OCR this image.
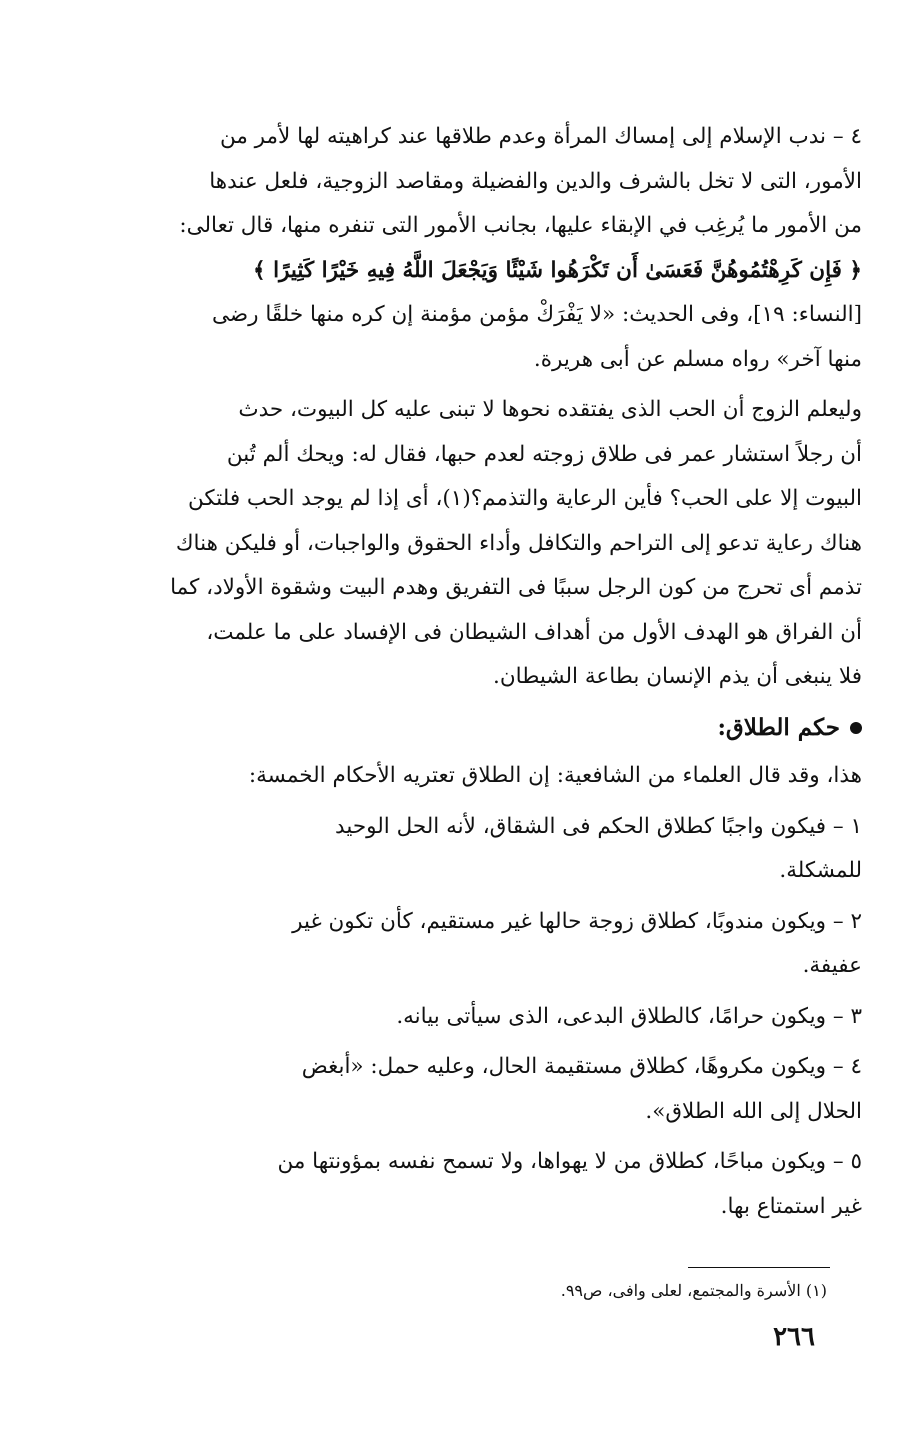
٤ – ندب الإسلام إلى إمساك المرأة وعدم طلاقها عند كراهيته لها لأمر من
الأمور، التى لا تخل بالشرف والدين والفضيلة ومقاصد الزوجية، فلعل عندها
من الأمور ما يُرغِب في الإبقاء عليها، بجانب الأمور التى تنفره منها، قال تعالى:
﴿ فَإِن كَرِهْتُمُوهُنَّ فَعَسَىٰ أَن تَكْرَهُوا شَيْئًا وَيَجْعَلَ اللَّهُ فِيهِ خَيْرًا كَثِيرًا ﴾
[النساء: ١٩]، وفى الحديث: «لا يَفْرَكْ مؤمن مؤمنة إن كره منها خلقًا رضى
منها آخر» رواه مسلم عن أبى هريرة.
وليعلم الزوج أن الحب الذى يفتقده نحوها لا تبنى عليه كل البيوت، حدث
أن رجلاً استشار عمر فى طلاق زوجته لعدم حبها، فقال له: ويحك ألم تُبن
البيوت إلا على الحب؟ فأين الرعاية والتذمم؟(١)، أى إذا لم يوجد الحب فلتكن
هناك رعاية تدعو إلى التراحم والتكافل وأداء الحقوق والواجبات، أو فليكن هناك
تذمم أى تحرج من كون الرجل سببًا فى التفريق وهدم البيت وشقوة الأولاد، كما
أن الفراق هو الهدف الأول من أهداف الشيطان فى الإفساد على ما علمت،
فلا ينبغى أن يذم الإنسان بطاعة الشيطان.
حكم الطلاق:
هذا، وقد قال العلماء من الشافعية: إن الطلاق تعتريه الأحكام الخمسة:
١ – فيكون واجبًا كطلاق الحكم فى الشقاق، لأنه الحل الوحيد
للمشكلة.
٢ – ويكون مندوبًا، كطلاق زوجة حالها غير مستقيم، كأن تكون غير
عفيفة.
٣ – ويكون حرامًا، كالطلاق البدعى، الذى سيأتى بيانه.
٤ – ويكون مكروهًا، كطلاق مستقيمة الحال، وعليه حمل: «أبغض
الحلال إلى الله الطلاق».
٥ – ويكون مباحًا، كطلاق من لا يهواها، ولا تسمح نفسه بمؤونتها من
غير استمتاع بها.
(١) الأسرة والمجتمع، لعلى وافى، ص٩٩.
٢٦٦
